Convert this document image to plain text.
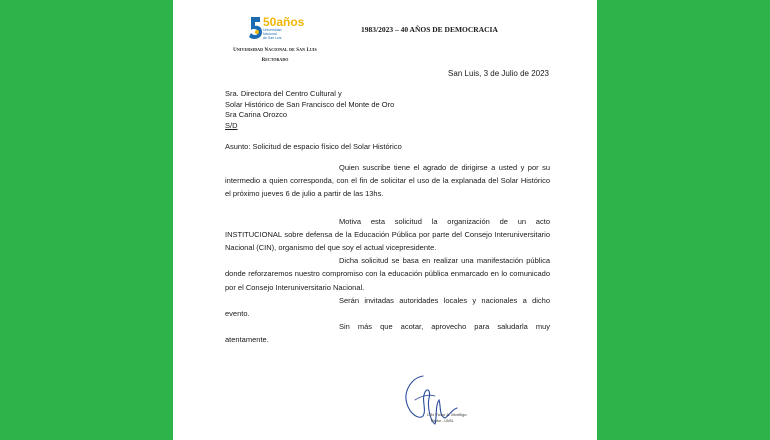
50años
Universidad
Nacional
de San Luis
Universidad Nacional de San Luis
Rectorado
1983/2023 – 40 AÑOS DE DEMOCRACIA
San Luis, 3 de Julio de 2023
Sra. Directora del Centro Cultural y
Solar Histórico de San Francisco del Monte de Oro
Sra Carina Orozco
S/D
Asunto: Solicitud de espacio físico del Solar Histórico
Quien suscribe tiene el agrado de dirigirse a usted y por su intermedio a quien corresponda, con el fin de solicitar el uso de la explanada del Solar Histórico el próximo jueves 6 de julio a partir de las 13hs.
Motiva esta solicitud la organización de un acto INSTITUCIONAL sobre defensa de la Educación Pública por parte del Consejo Interuniversitario Nacional (CIN), organismo del que soy el actual vicepresidente.
Dicha solicitud se basa en realizar una manifestación pública donde reforzaremos nuestro compromiso con la educación pública enmarcado en lo comunicado por el Consejo Interuniversitario Nacional.
Serán invitadas autoridades locales y nacionales a dicho evento.
Sin más que acotar, aprovecho para saludarla muy atentamente.
CIN Víctor A. Moriñigo
Rector - UNSL
